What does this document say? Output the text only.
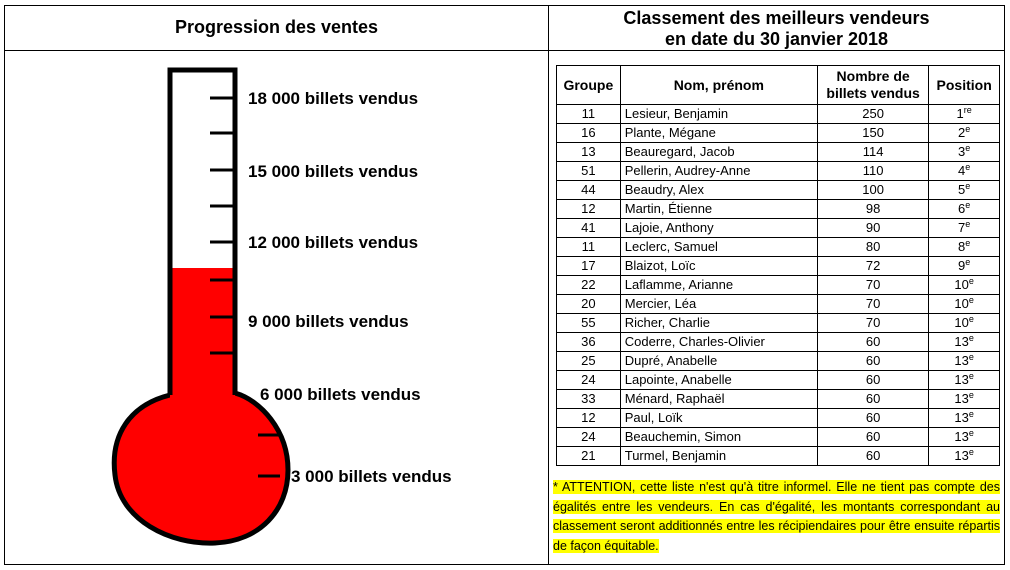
Progression des ventes	Classement des meilleurs vendeurs
en date du 30 janvier 2018
18 000 billets vendus
15 000 billets vendus
12 000 billets vendus
9 000 billets vendus
6 000 billets vendus
3 000 billets vendus
Groupe	Nom, prénom	Nombre de billets vendus	Position
11	Lesieur, Benjamin	250	1re
16	Plante, Mégane	150	2e
13	Beauregard, Jacob	114	3e
51	Pellerin, Audrey-Anne	110	4e
44	Beaudry, Alex	100	5e
12	Martin, Étienne	98	6e
41	Lajoie, Anthony	90	7e
11	Leclerc, Samuel	80	8e
17	Blaizot, Loïc	72	9e
22	Laflamme, Arianne	70	10e
20	Mercier, Léa	70	10e
55	Richer, Charlie	70	10e
36	Coderre, Charles-Olivier	60	13e
25	Dupré, Anabelle	60	13e
24	Lapointe, Anabelle	60	13e
33	Ménard, Raphaël	60	13e
12	Paul, Loïk	60	13e
24	Beauchemin, Simon	60	13e
21	Turmel, Benjamin	60	13e
* ATTENTION, cette liste n'est qu'à titre informel. Elle ne tient pas compte des égalités entre les vendeurs. En cas d'égalité, les montants correspondant au classement seront additionnés entre les récipiendaires pour être ensuite répartis de façon équitable.
